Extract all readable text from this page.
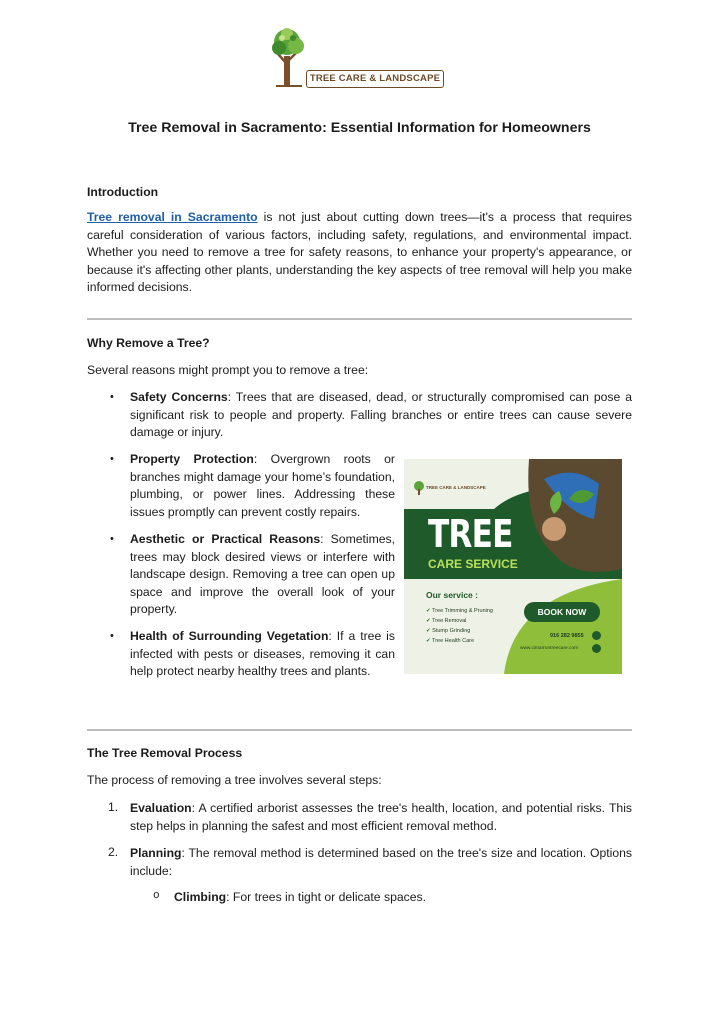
TREE CARE & LANDSCAPE
Tree Removal in Sacramento: Essential Information for Homeowners
Introduction

Tree removal in Sacramento is not just about cutting down trees—it's a process that requires careful consideration of various factors, including safety, regulations, and environmental impact. Whether you need to remove a tree for safety reasons, to enhance your property's appearance, or because it's affecting other plants, understanding the key aspects of tree removal will help you make informed decisions.

Why Remove a Tree?

Several reasons might prompt you to remove a tree:

•	Safety Concerns: Trees that are diseased, dead, or structurally compromised can pose a significant risk to people and property. Falling branches or entire trees can cause severe damage or injury.

•	Property Protection: Overgrown roots or branches might damage your home’s foundation, plumbing, or power lines. Addressing these issues promptly can prevent costly repairs.

•	Aesthetic or Practical Reasons: Sometimes, trees may block desired views or interfere with landscape design. Removing a tree can open up space and improve the overall look of your property.

•	Health of Surrounding Vegetation: If a tree is infected with pests or diseases, removing it can help protect nearby healthy trees and plants.

TREE CARE & LANDSCAPE
TREE
CARE SERVICE
Our service :
✔ Tree Trimming & Pruning
✔ Tree Removal
✔ Stump Grinding
✔ Tree Health Care
BOOK NOW
916 282 9855
www.cimarrontreecare.com
The Tree Removal Process

The process of removing a tree involves several steps:

1. Evaluation: A certified arborist assesses the tree's health, location, and potential risks. This step helps in planning the safest and most efficient removal method.

2. Planning: The removal method is determined based on the tree's size and location. Options include:

o Climbing: For trees in tight or delicate spaces.
